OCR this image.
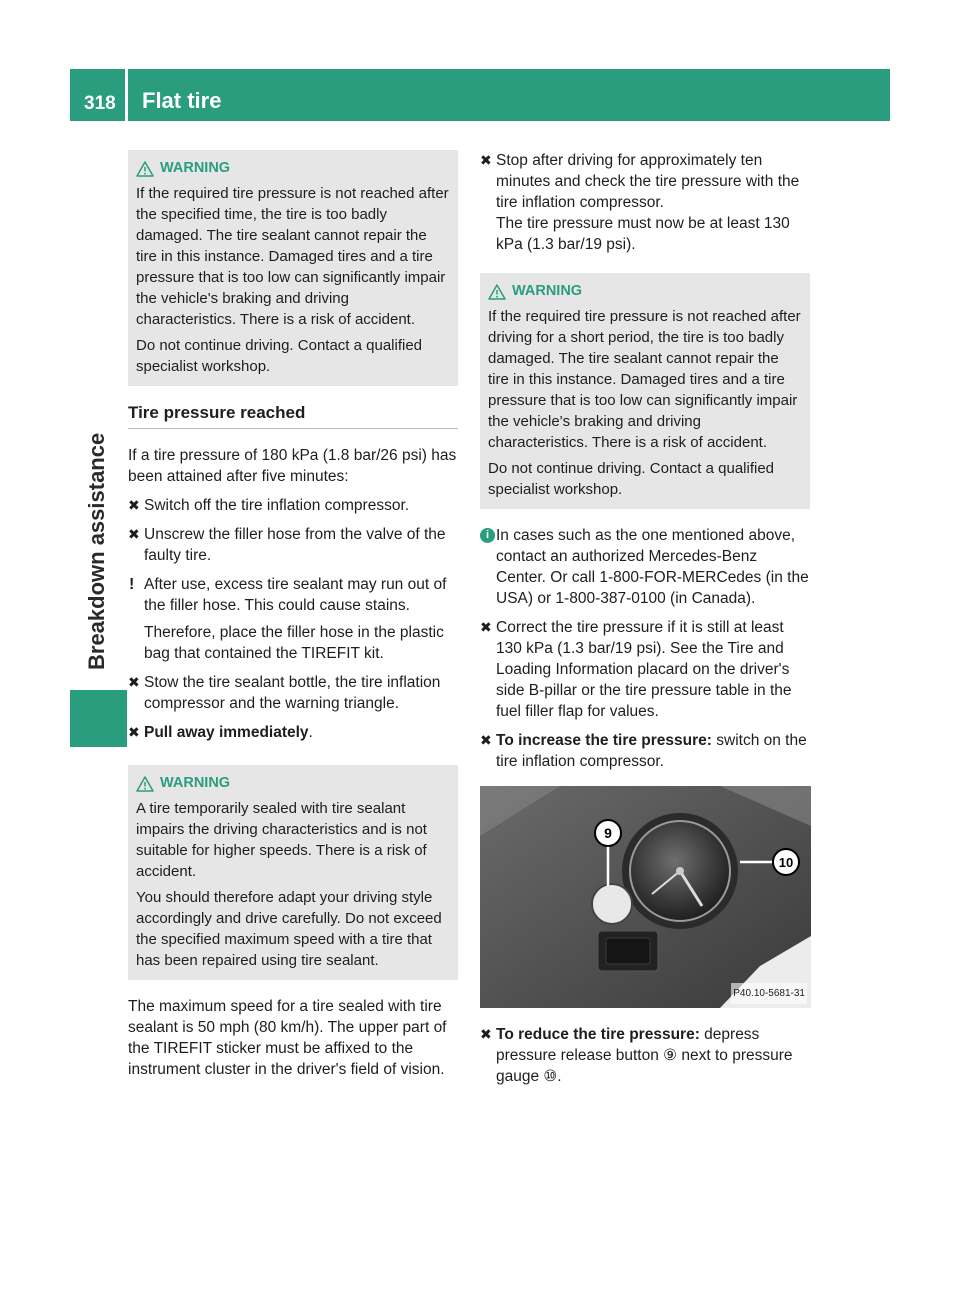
318 Flat tire
Breakdown assistance
WARNING

If the required tire pressure is not reached after the specified time, the tire is too badly damaged. The tire sealant cannot repair the tire in this instance. Damaged tires and a tire pressure that is too low can significantly impair the vehicle's braking and driving characteristics. There is a risk of accident.

Do not continue driving. Contact a qualified specialist workshop.

Tire pressure reached

If a tire pressure of 180 kPa (1.8 bar/26 psi) has been attained after five minutes:

✖ Switch off the tire inflation compressor.
✖ Unscrew the filler hose from the valve of the faulty tire.
! After use, excess tire sealant may run out of the filler hose. This could cause stains.

Therefore, place the filler hose in the plastic bag that contained the TIREFIT kit.

✖ Stow the tire sealant bottle, the tire inflation compressor and the warning triangle.
✖ Pull away immediately.
WARNING

A tire temporarily sealed with tire sealant impairs the driving characteristics and is not suitable for higher speeds. There is a risk of accident.

You should therefore adapt your driving style accordingly and drive carefully. Do not exceed the specified maximum speed with a tire that has been repaired using tire sealant.

The maximum speed for a tire sealed with tire sealant is 50 mph (80 km/h). The upper part of the TIREFIT sticker must be affixed to the instrument cluster in the driver's field of vision.

✖ Stop after driving for approximately ten minutes and check the tire pressure with the tire inflation compressor.
The tire pressure must now be at least 130 kPa (1.3 bar/19 psi).
WARNING

If the required tire pressure is not reached after driving for a short period, the tire is too badly damaged. The tire sealant cannot repair the tire in this instance. Damaged tires and a tire pressure that is too low can significantly impair the vehicle's braking and driving characteristics. There is a risk of accident.

Do not continue driving. Contact a qualified specialist workshop.

i In cases such as the one mentioned above, contact an authorized Mercedes-Benz Center. Or call 1-800-FOR-MERCedes (in the USA) or 1-800-387-0100 (in Canada).
✖ Correct the tire pressure if it is still at least 130 kPa (1.3 bar/19 psi). See the Tire and Loading Information placard on the driver's side B-pillar or the tire pressure table in the fuel filler flap for values.
✖ To increase the tire pressure: switch on the tire inflation compressor.
9
10
P40.10-5681-31
✖ To reduce the tire pressure: depress pressure release button ⑨ next to pressure gauge ⑩.
